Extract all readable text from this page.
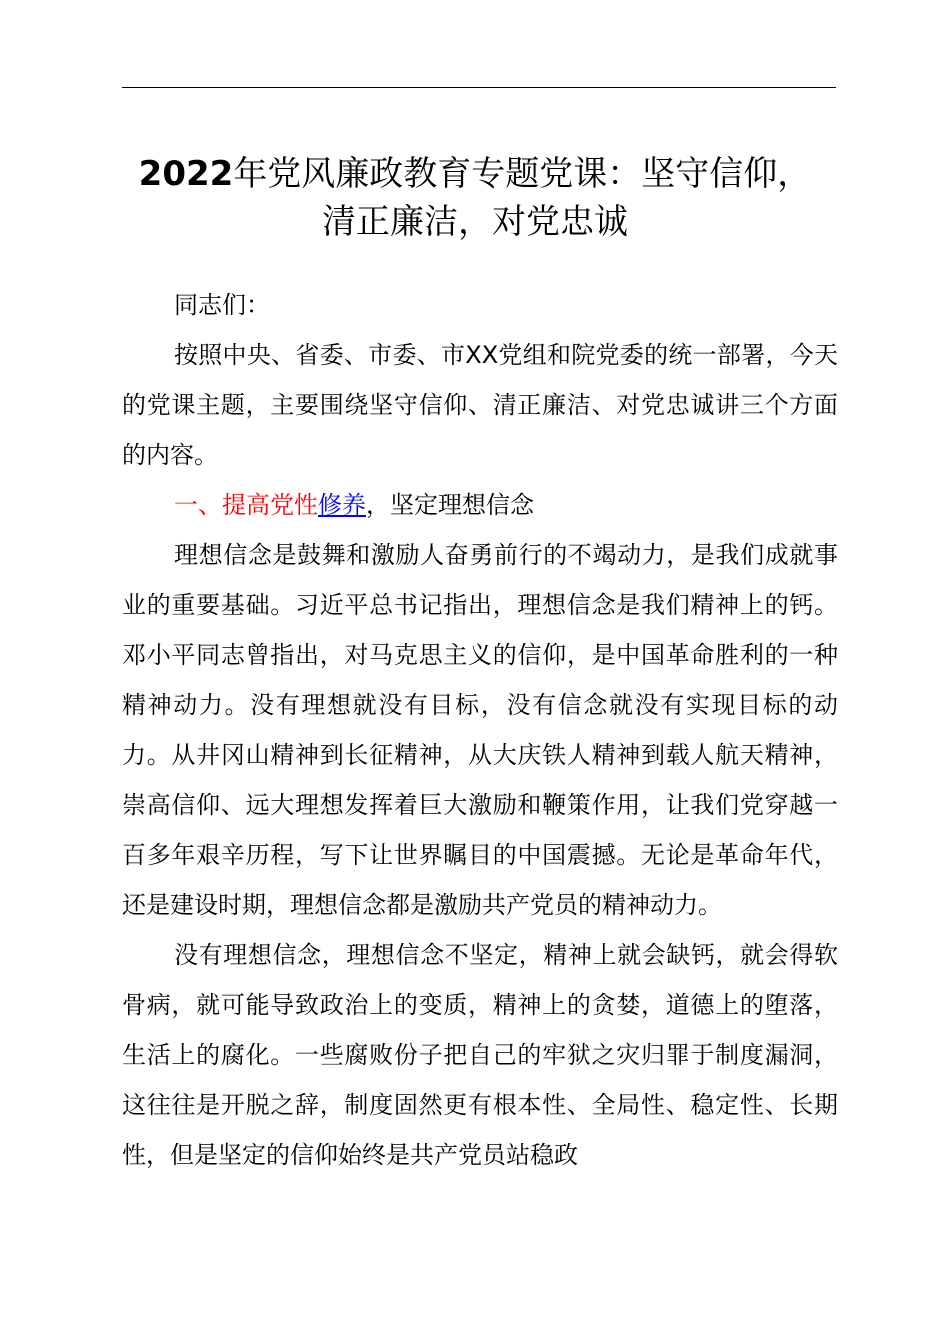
2022年党风廉政教育专题党课：坚守信仰，
清正廉洁，对党忠诚

同志们：

按照中央、省委、市委、市XX党组和院党委的统一部署，今天的党课主题，主要围绕坚守信仰、清正廉洁、对党忠诚讲三个方面的内容。

一、提高党性修养，坚定理想信念

理想信念是鼓舞和激励人奋勇前行的不竭动力，是我们成就事业的重要基础。习近平总书记指出，理想信念是我们精神上的钙。邓小平同志曾指出，对马克思主义的信仰，是中国革命胜利的一种精神动力。没有理想就没有目标，没有信念就没有实现目标的动力。从井冈山精神到长征精神，从大庆铁人精神到载人航天精神，崇高信仰、远大理想发挥着巨大激励和鞭策作用，让我们党穿越一百多年艰辛历程，写下让世界瞩目的中国震撼。无论是革命年代，还是建设时期，理想信念都是激励共产党员的精神动力。

没有理想信念，理想信念不坚定，精神上就会缺钙，就会得软骨病，就可能导致政治上的变质，精神上的贪婪，道德上的堕落，生活上的腐化。一些腐败份子把自己的牢狱之灾归罪于制度漏洞，这往往是开脱之辞，制度固然更有根本性、全局性、稳定性、长期性，但是坚定的信仰始终是共产党员站稳政
